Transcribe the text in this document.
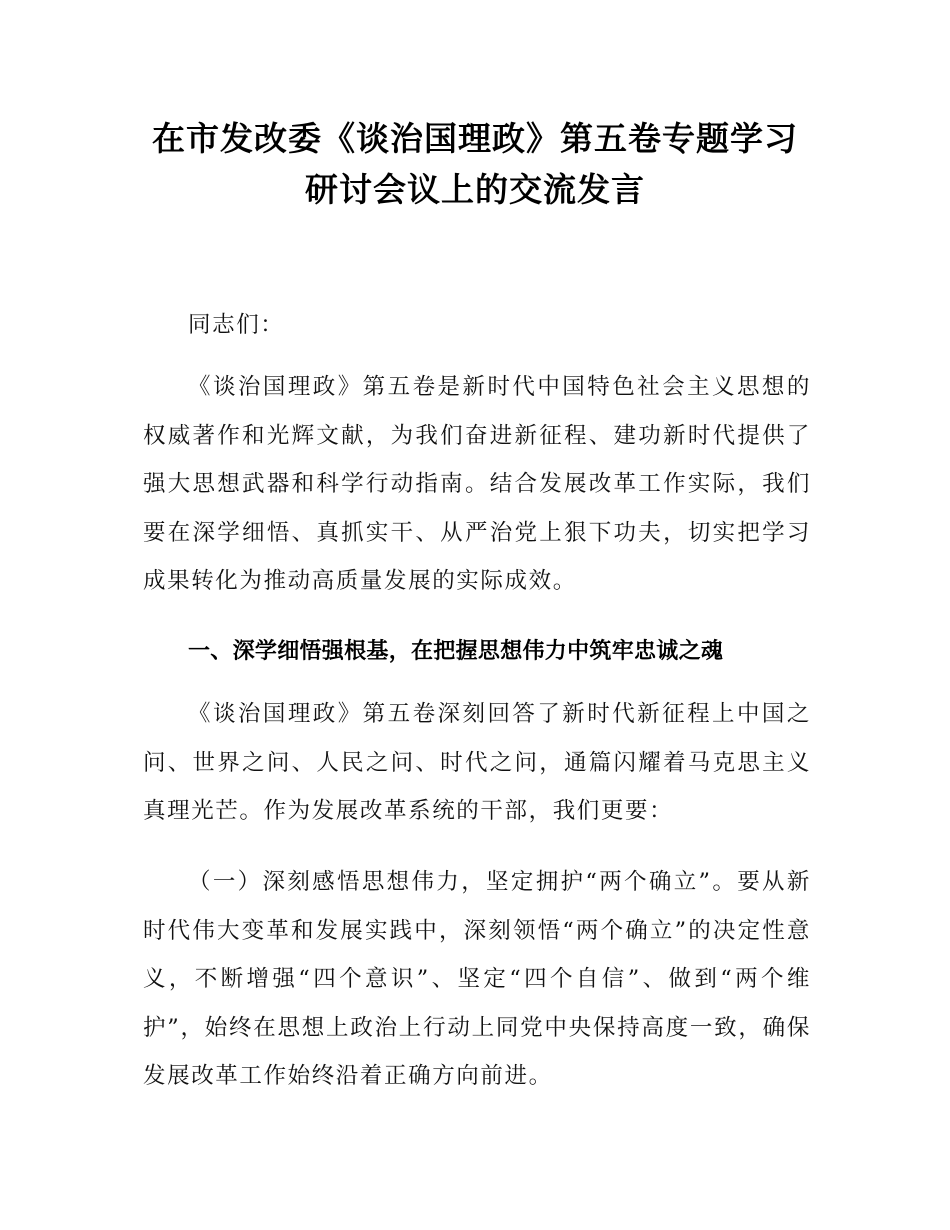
在市发改委《谈治国理政》第五卷专题学习
研讨会议上的交流发言
同志们：
《谈治国理政》第五卷是新时代中国特色社会主义思想的权威著作和光辉文献，为我们奋进新征程、建功新时代提供了强大思想武器和科学行动指南。结合发展改革工作实际，我们要在深学细悟、真抓实干、从严治党上狠下功夫，切实把学习成果转化为推动高质量发展的实际成效。
一、深学细悟强根基，在把握思想伟力中筑牢忠诚之魂
《谈治国理政》第五卷深刻回答了新时代新征程上中国之问、世界之问、人民之问、时代之问，通篇闪耀着马克思主义真理光芒。作为发展改革系统的干部，我们更要：
（一）深刻感悟思想伟力，坚定拥护“两个确立”。要从新时代伟大变革和发展实践中，深刻领悟“两个确立”的决定性意义，不断增强“四个意识”、坚定“四个自信”、做到“两个维护”，始终在思想上政治上行动上同党中央保持高度一致，确保发展改革工作始终沿着正确方向前进。
